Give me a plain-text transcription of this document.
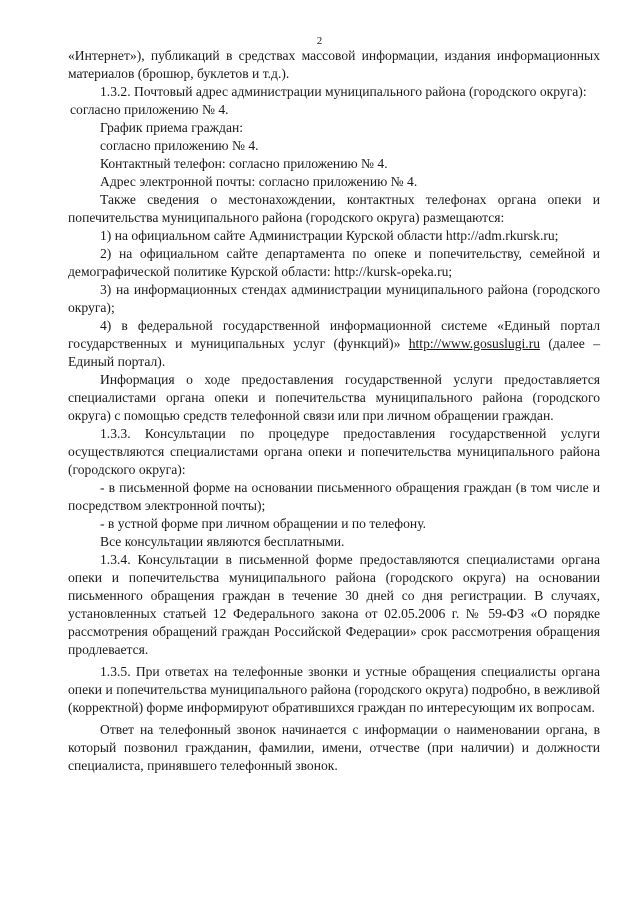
2

«Интернет»), публикаций в средствах массовой информации, издания информационных материалов (брошюр, буклетов и т.д.).

1.3.2. Почтовый адрес администрации муниципального района (городского округа):

согласно приложению № 4.

График приема граждан:

согласно приложению № 4.

Контактный телефон: согласно приложению № 4.

Адрес электронной почты: согласно приложению № 4.

Также сведения о местонахождении, контактных телефонах органа опеки и попечительства муниципального района (городского округа) размещаются:

1) на официальном сайте Администрации Курской области http://adm.rkursk.ru;

2) на официальном сайте департамента по опеке и попечительству, семейной и демографической политике Курской области: http://kursk-opeka.ru;

3) на информационных стендах администрации муниципального района (городского округа);

4) в федеральной государственной информационной системе «Единый портал государственных и муниципальных услуг (функций)» http://www.gosuslugi.ru (далее – Единый портал).

Информация о ходе предоставления государственной услуги предоставляется специалистами органа опеки и попечительства муниципального района (городского округа) с помощью средств телефонной связи или при личном обращении граждан.

1.3.3. Консультации по процедуре предоставления государственной услуги осуществляются специалистами органа опеки и попечительства муниципального района (городского округа):

- в письменной форме на основании письменного обращения граждан (в том числе и посредством электронной почты);

- в устной форме при личном обращении и по телефону.

Все консультации являются бесплатными.

1.3.4. Консультации в письменной форме предоставляются специалистами органа опеки и попечительства муниципального района (городского округа) на основании письменного обращения граждан в течение 30 дней со дня регистрации. В случаях, установленных статьей 12 Федерального закона от 02.05.2006 г. № 59-ФЗ «О порядке рассмотрения обращений граждан Российской Федерации» срок рассмотрения обращения продлевается.

1.3.5. При ответах на телефонные звонки и устные обращения специалисты органа опеки и попечительства муниципального района (городского округа) подробно, в вежливой (корректной) форме информируют обратившихся граждан по интересующим их вопросам.

Ответ на телефонный звонок начинается с информации о наименовании органа, в который позвонил гражданин, фамилии, имени, отчестве (при наличии) и должности специалиста, принявшего телефонный звонок.
